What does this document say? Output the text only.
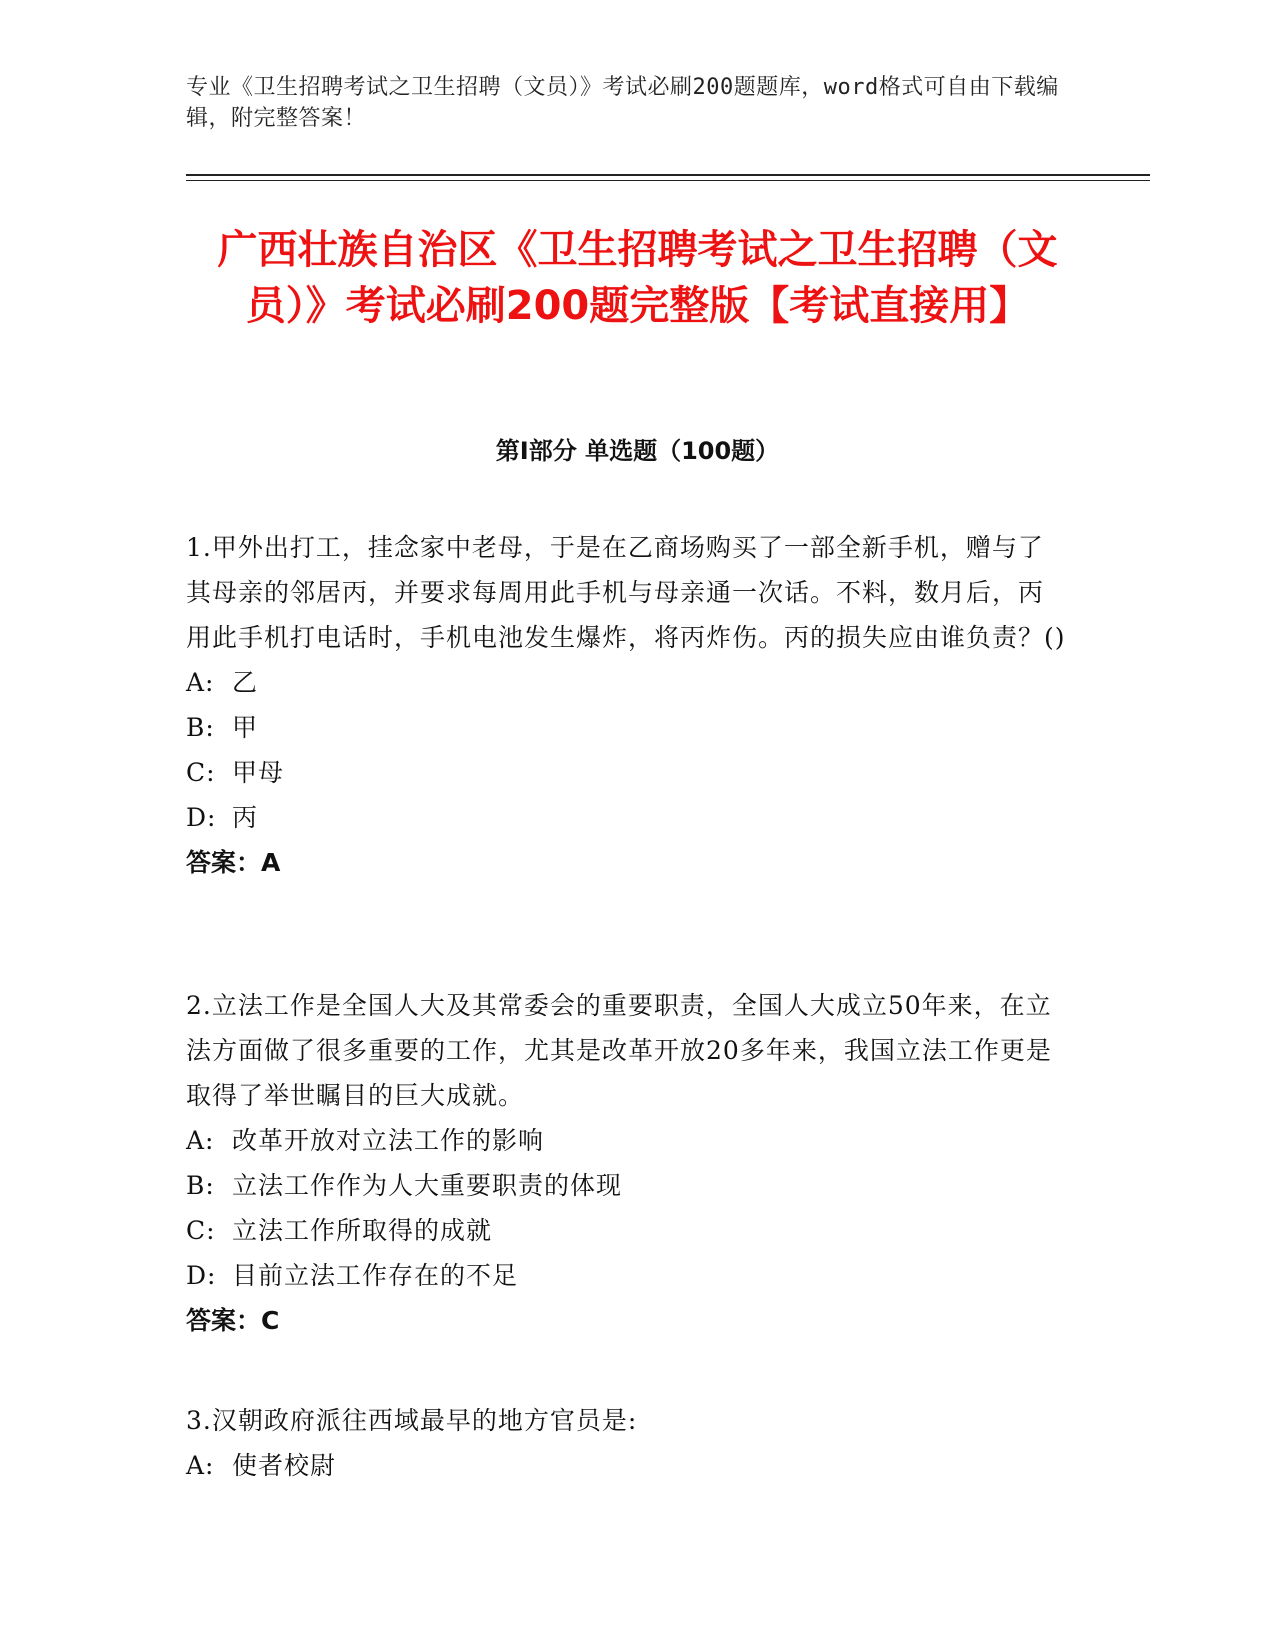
专业《卫生招聘考试之卫生招聘（文员）》考试必刷200题题库，word格式可自由下载编辑，附完整答案！
广西壮族自治区《卫生招聘考试之卫生招聘（文员）》考试必刷200题完整版【考试直接用】
第Ⅰ部分 单选题（100题）

1.甲外出打工，挂念家中老母，于是在乙商场购买了一部全新手机，赠与了其母亲的邻居丙，并要求每周用此手机与母亲通一次话。不料，数月后，丙用此手机打电话时，手机电池发生爆炸，将丙炸伤。丙的损失应由谁负责？()

A: 乙

B: 甲

C: 甲母

D: 丙

答案：A

2.立法工作是全国人大及其常委会的重要职责，全国人大成立50年来，在立法方面做了很多重要的工作，尤其是改革开放20多年来，我国立法工作更是取得了举世瞩目的巨大成就。

A: 改革开放对立法工作的影响

B: 立法工作作为人大重要职责的体现

C: 立法工作所取得的成就

D: 目前立法工作存在的不足

答案：C

3.汉朝政府派往西域最早的地方官员是:

A: 使者校尉
